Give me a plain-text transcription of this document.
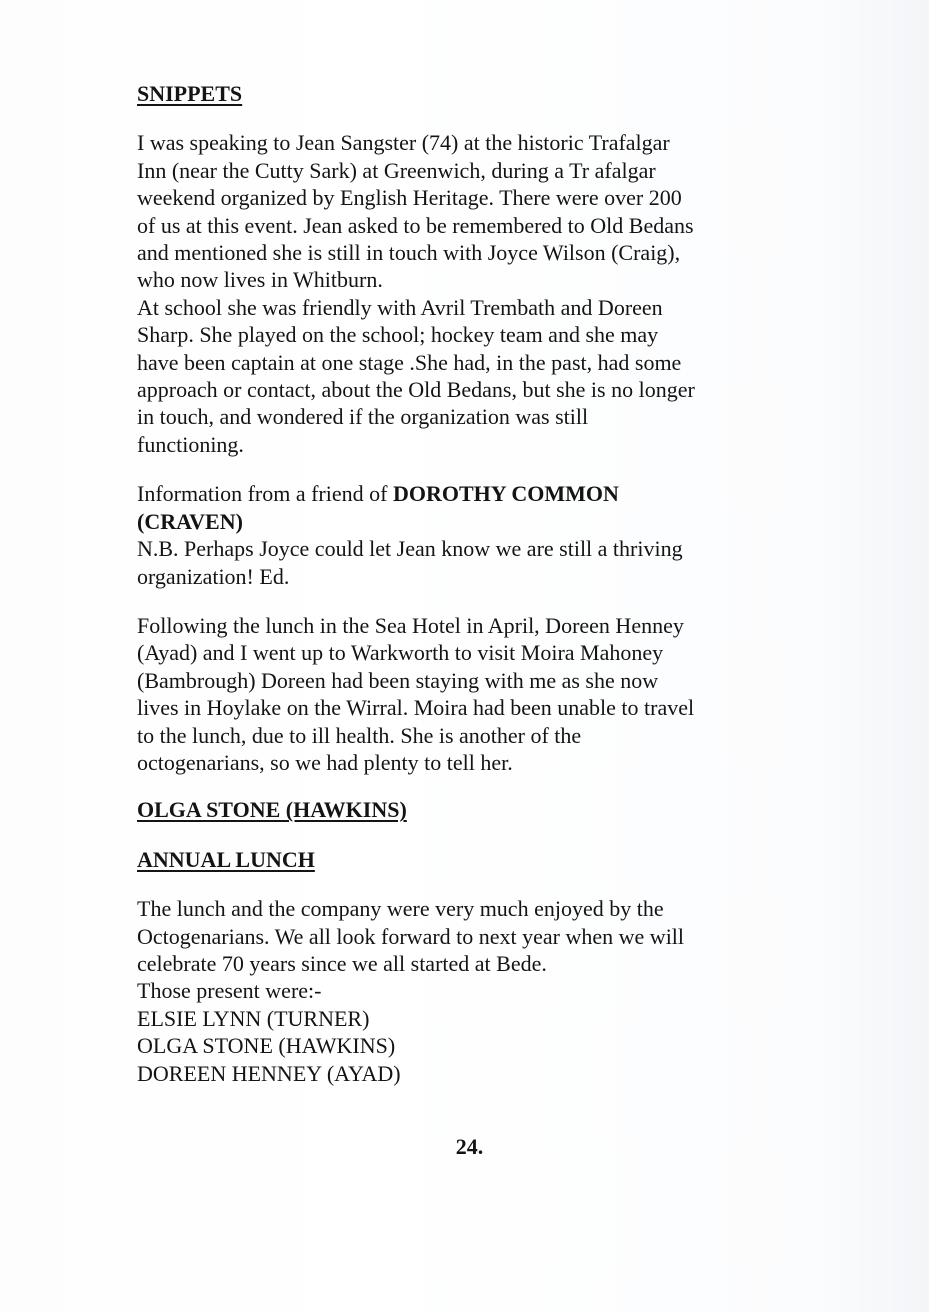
SNIPPETS

I was speaking to Jean Sangster (74) at the historic Trafalgar

Inn (near the Cutty Sark) at Greenwich, during a Tr afalgar

weekend organized by English Heritage. There were over 200

of us at this event. Jean asked to be remembered to Old Bedans

and mentioned she is still in touch with Joyce Wilson (Craig),

who now lives in Whitburn.

At school she was friendly with Avril Trembath and Doreen

Sharp. She played on the school; hockey team and she may

have been captain at one stage .She had, in the past, had some

approach or contact, about the Old Bedans, but she is no longer

in touch, and wondered if the organization was still

functioning.

Information from a friend of DOROTHY COMMON

(CRAVEN)

N.B. Perhaps Joyce could let Jean know we are still a thriving

organization! Ed.

Following the lunch in the Sea Hotel in April, Doreen Henney

(Ayad) and I went up to Warkworth to visit Moira Mahoney

(Bambrough) Doreen had been staying with me as she now

lives in Hoylake on the Wirral. Moira had been unable to travel

to the lunch, due to ill health. She is another of the

octogenarians, so we had plenty to tell her.

OLGA STONE (HAWKINS)

ANNUAL LUNCH

The lunch and the company were very much enjoyed by the

Octogenarians. We all look forward to next year when we will

celebrate 70 years since we all started at Bede.

Those present were:-

ELSIE LYNN (TURNER)

OLGA STONE (HAWKINS)

DOREEN HENNEY (AYAD)

24.
